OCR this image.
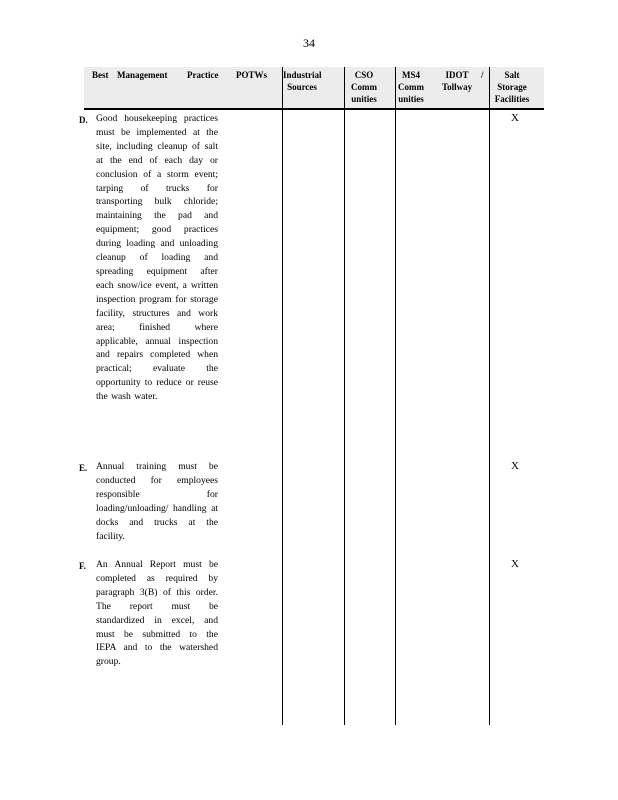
34
Best Management Practice POTWs Industrial Sources
CSO Comm unities
MS4 Comm unities
IDOT Tollway
/	Salt Storage Facilities
D. Good housekeeping practices must be implemented at the site, including cleanup of salt at the end of each day or conclusion of a storm event; tarping of trucks for transporting bulk chloride; maintaining the pad and equipment; good practices during loading and unloading cleanup of loading and spreading equipment after each snow/ice event, a written inspection program for storage facility, structures and work area; finished where applicable, annual inspection and repairs completed when practical; evaluate the opportunity to reduce or reuse the wash water.
X
E. Annual training must be conducted for employees responsible for loading/unloading/ handling at docks and trucks at the facility.
X
F. An Annual Report must be completed as required by paragraph 3(B) of this order. The report must be standardized in excel, and must be submitted to the IEPA and to the watershed group.
X
